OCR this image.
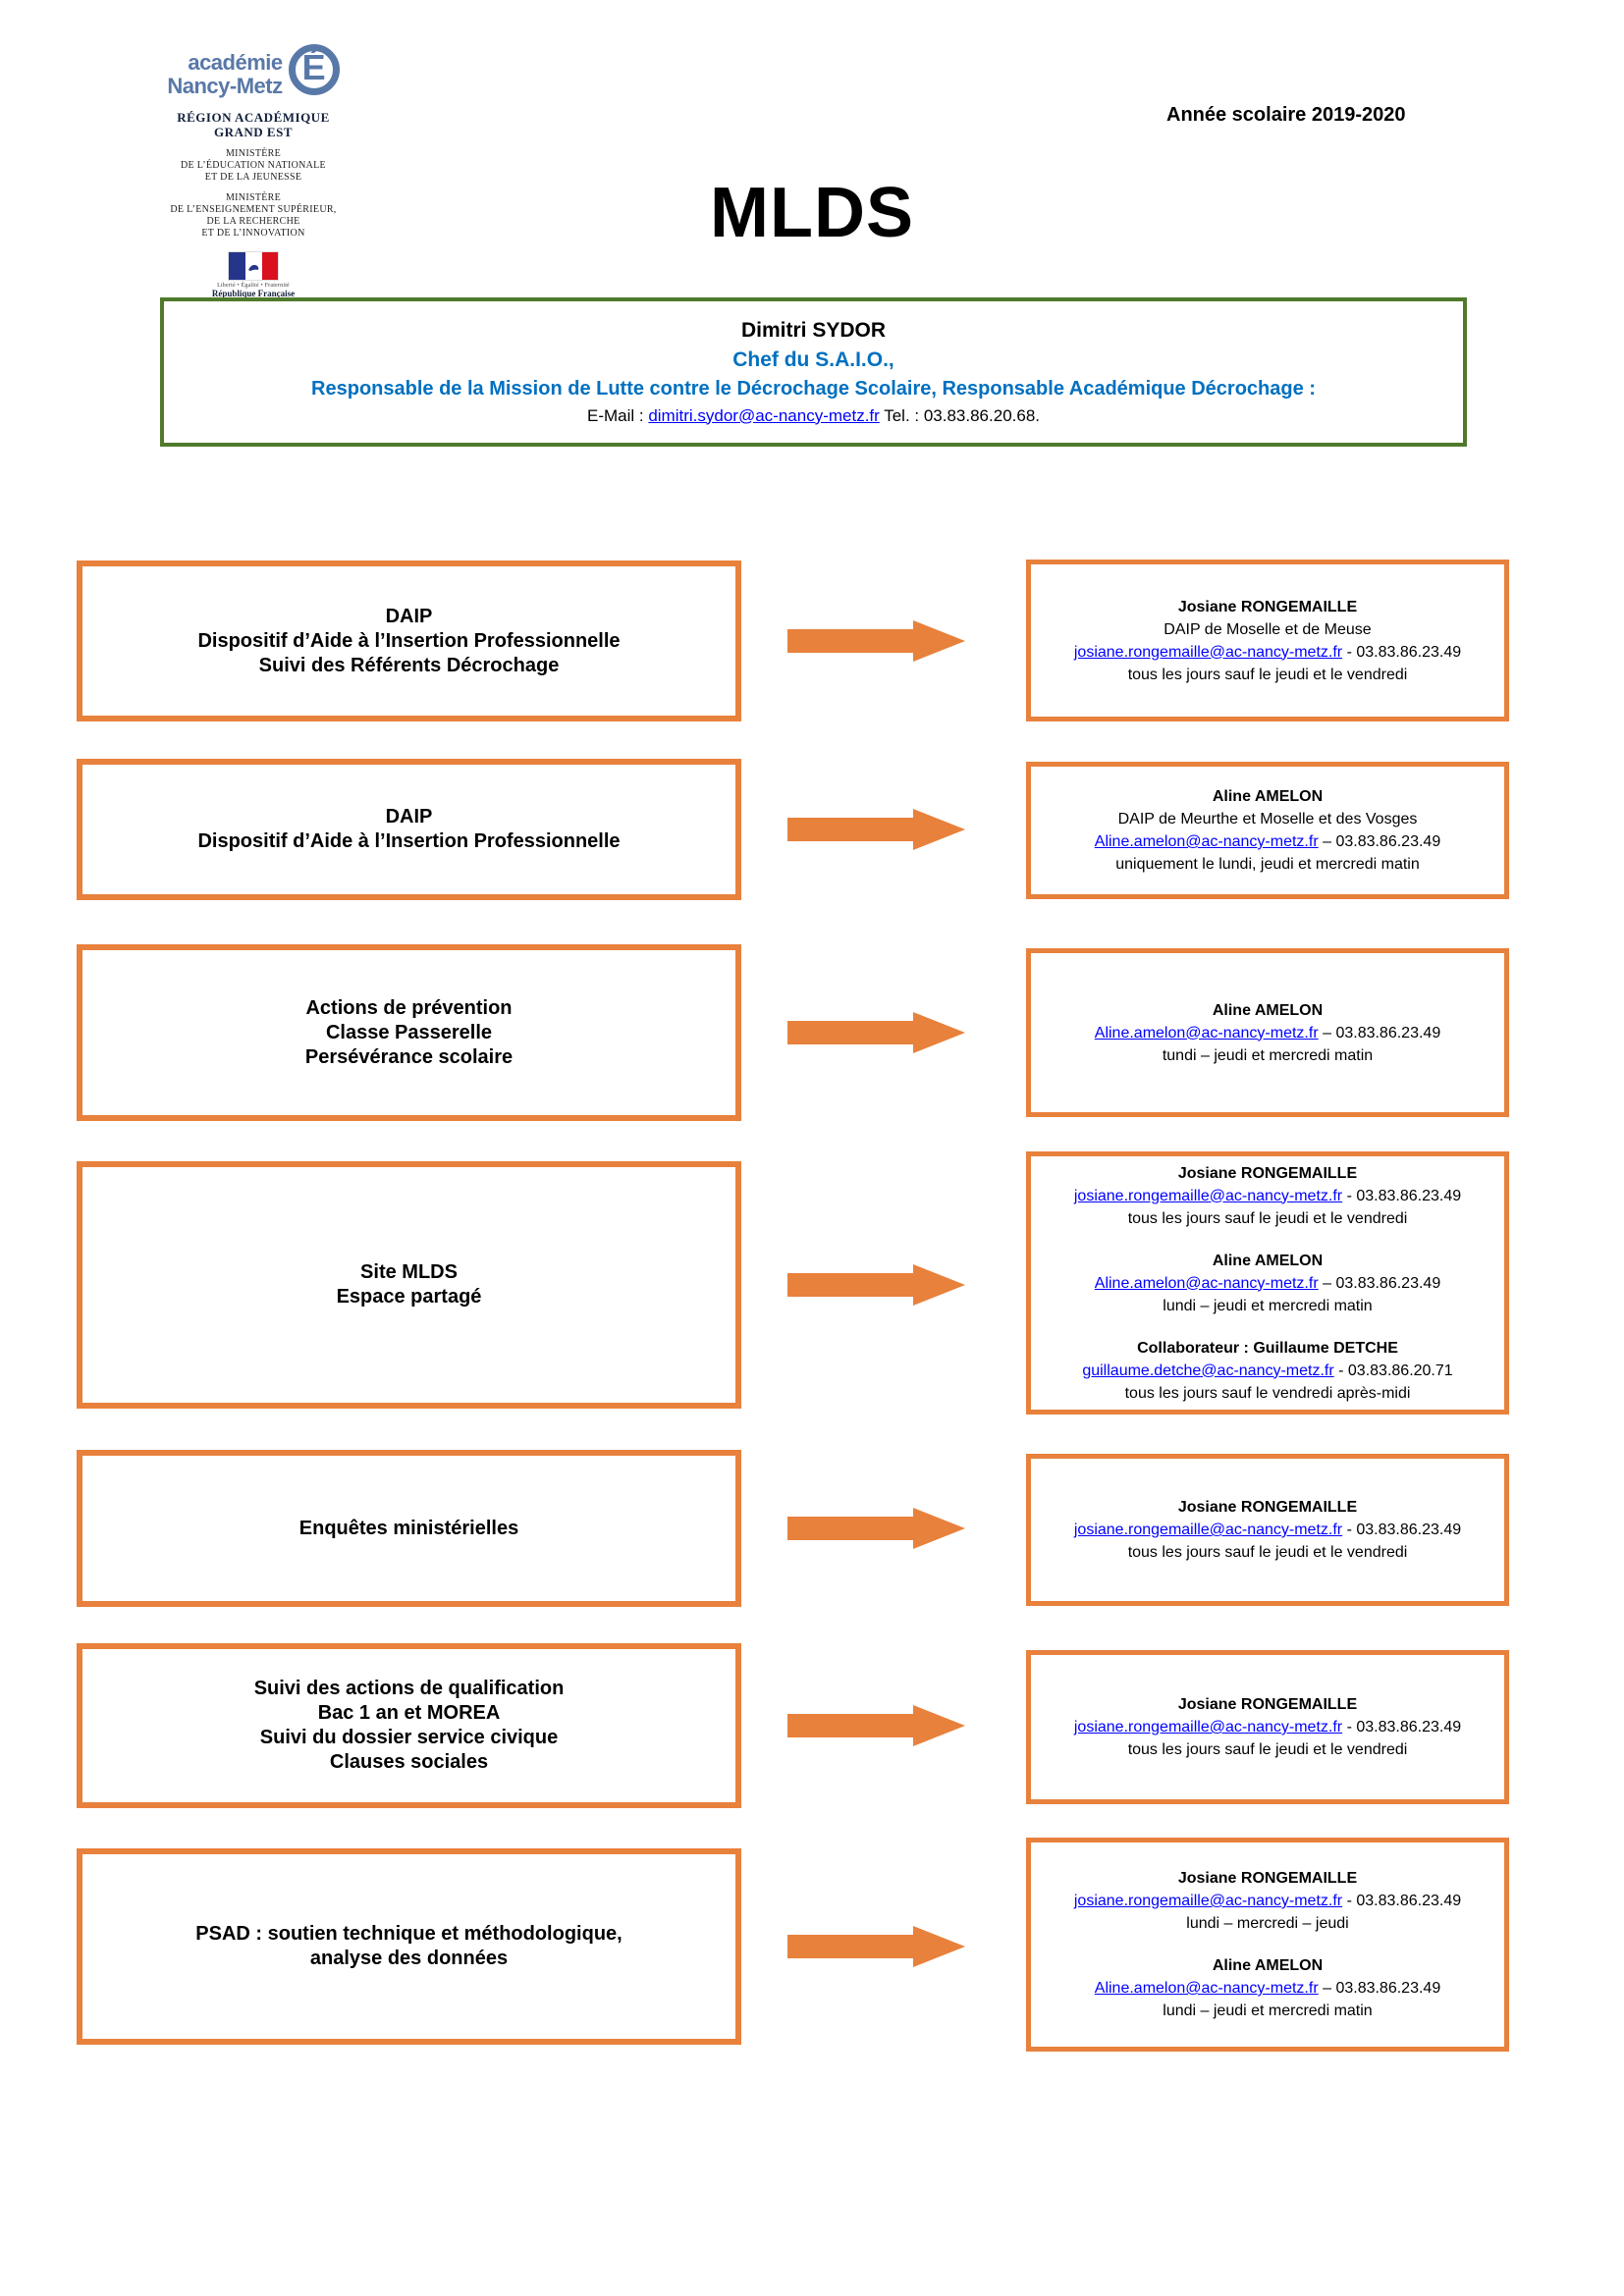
académie
Nancy-Metz É
RÉGION ACADÉMIQUE
GRAND EST
MINISTÈRE
DE L’ÉDUCATION NATIONALE
ET DE LA JEUNESSE
MINISTÈRE
DE L’ENSEIGNEMENT SUPÉRIEUR,
DE LA RECHERCHE
ET DE L’INNOVATION
Liberté • Égalité • Fraternité
République Française
Année scolaire 2019-2020
MLDS
Dimitri SYDOR
Chef du S.A.I.O.,
Responsable de la Mission de Lutte contre le Décrochage Scolaire, Responsable Académique Décrochage :
E-Mail : dimitri.sydor@ac-nancy-metz.fr Tel. : 03.83.86.20.68.
DAIP
Dispositif d’Aide à l’Insertion Professionnelle
Suivi des Référents Décrochage
Josiane RONGEMAILLE
DAIP de Moselle et de Meuse
josiane.rongemaille@ac-nancy-metz.fr - 03.83.86.23.49
tous les jours sauf le jeudi et le vendredi
DAIP
Dispositif d’Aide à l’Insertion Professionnelle
Aline AMELON
DAIP de Meurthe et Moselle et des Vosges
Aline.amelon@ac-nancy-metz.fr – 03.83.86.23.49
uniquement le lundi, jeudi et mercredi matin
Actions de prévention
Classe Passerelle
Persévérance scolaire
Aline AMELON
Aline.amelon@ac-nancy-metz.fr – 03.83.86.23.49
tundi – jeudi et mercredi matin
Site MLDS
Espace partagé
Josiane RONGEMAILLE
josiane.rongemaille@ac-nancy-metz.fr - 03.83.86.23.49
tous les jours sauf le jeudi et le vendredi
Aline AMELON
Aline.amelon@ac-nancy-metz.fr – 03.83.86.23.49
lundi – jeudi et mercredi matin
Collaborateur : Guillaume DETCHE
guillaume.detche@ac-nancy-metz.fr - 03.83.86.20.71
tous les jours sauf le vendredi après-midi
Enquêtes ministérielles
Josiane RONGEMAILLE
josiane.rongemaille@ac-nancy-metz.fr - 03.83.86.23.49
tous les jours sauf le jeudi et le vendredi
Suivi des actions de qualification
Bac 1 an et MOREA
Suivi du dossier service civique
Clauses sociales
Josiane RONGEMAILLE
josiane.rongemaille@ac-nancy-metz.fr - 03.83.86.23.49
tous les jours sauf le jeudi et le vendredi
PSAD : soutien technique et méthodologique,
analyse des données
Josiane RONGEMAILLE
josiane.rongemaille@ac-nancy-metz.fr - 03.83.86.23.49
lundi – mercredi – jeudi
Aline AMELON
Aline.amelon@ac-nancy-metz.fr – 03.83.86.23.49
lundi – jeudi et mercredi matin
